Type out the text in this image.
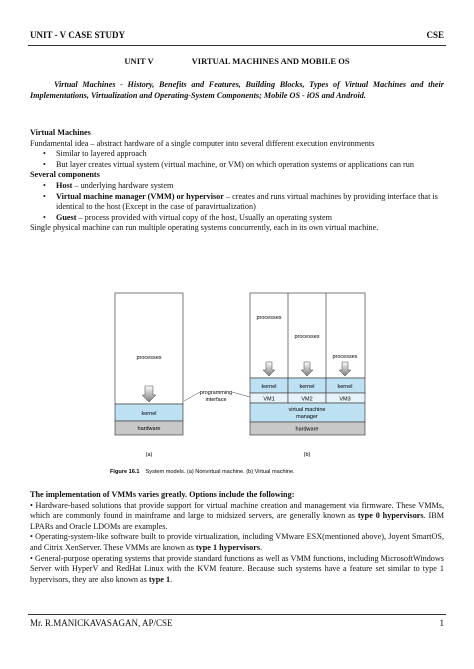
UNIT - V CASE STUDY	CSE
UNIT V	VIRTUAL MACHINES AND MOBILE OS
Virtual Machines - History, Benefits and Features, Building Blocks, Types of Virtual Machines and their Implementations, Virtualization and Operating-System Components; Mobile OS - iOS and Android.
Virtual Machines
Fundamental idea – abstract hardware of a single computer into several different execution environments
• Similar to layered approach
• But layer creates virtual system (virtual machine, or VM) on which operation systems or applications can run
Several components
• Host – underlying hardware system
• Virtual machine manager (VMM) or hypervisor – creates and runs virtual machines by providing interface that is identical to the host (Except in the case of paravirtualization)
• Guest – process provided with virtual copy of the host, Usually an operating system
Single physical machine can run multiple operating systems concurrently, each in its own virtual machine.
processes
kernel
hardware
(a)
programming
interface
processes
processes
processes
kernel	kernel	kernel
VM1	VM2	VM3
virtual machine
manager
hardware
(b)
Figure 16.1 System models. (a) Nonvirtual machine. (b) Virtual machine.
The implementation of VMMs varies greatly. Options include the following:
• Hardware-based solutions that provide support for virtual machine creation and management via firmware. These VMMs, which are commonly found in mainframe and large to midsized servers, are generally known as type 0 hypervisors. IBM LPARs and Oracle LDOMs are examples.
• Operating-system-like software built to provide virtualization, including VMware ESX(mentioned above), Joyent SmartOS, and Citrix XenServer. These VMMs are known as type 1 hypervisors.
• General-purpose operating systems that provide standard functions as well as VMM functions, including MicrosoftWindows Server with HyperV and RedHat Linux with the KVM feature. Because such systems have a feature set similar to type 1 hypervisors, they are also known as type 1.
Mr. R.MANICKAVASAGAN, AP/CSE	1
